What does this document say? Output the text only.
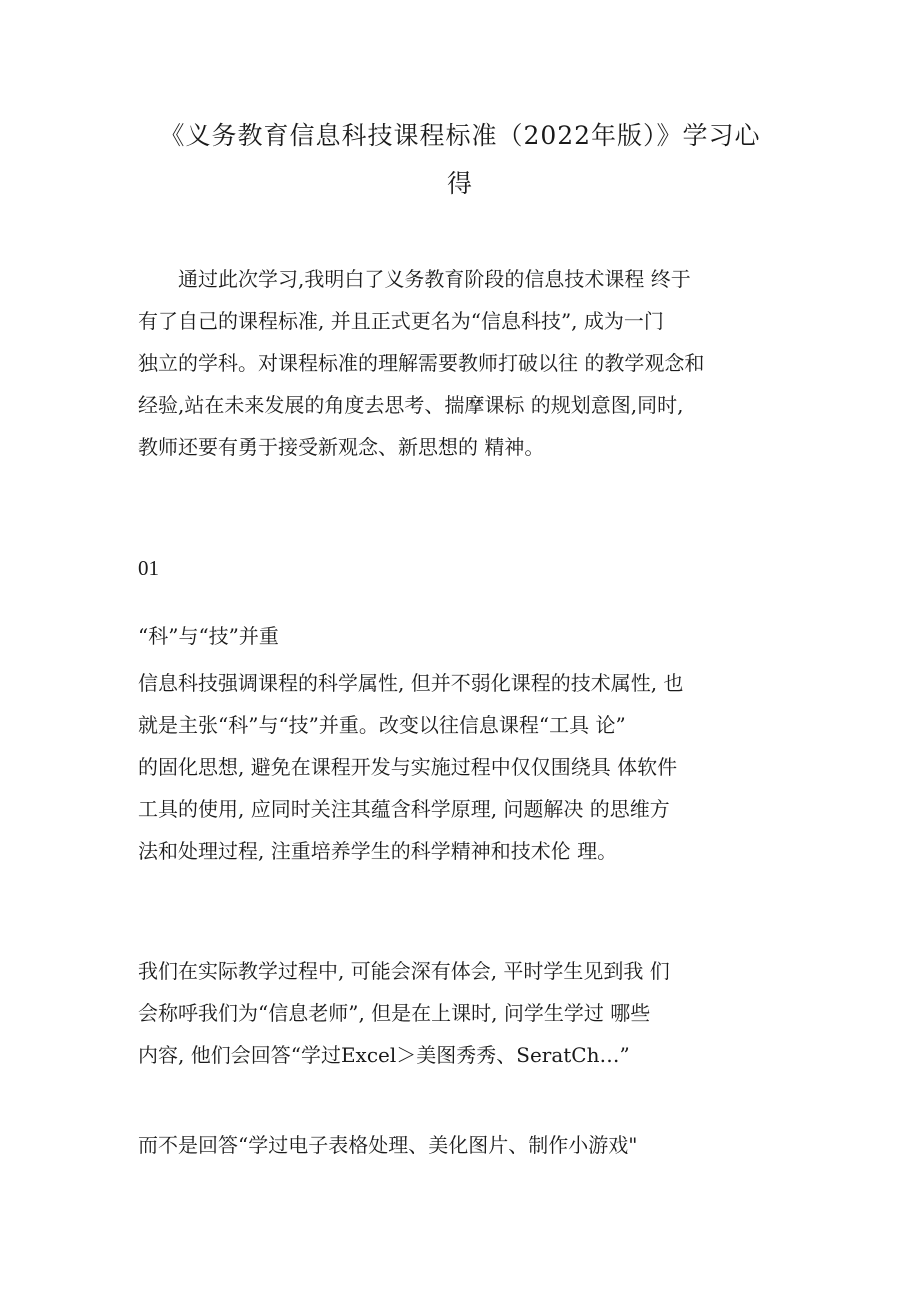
《义务教育信息科技课程标准（2022年版）》学习心
得
　　通过此次学习,我明白了义务教育阶段的信息技术课程 终于
有了自己的课程标准, 并且正式更名为“信息科技”, 成为一门
独立的学科。对课程标准的理解需要教师打破以往 的教学观念和
经验,站在未来发展的角度去思考、揣摩课标 的规划意图,同时,
教师还要有勇于接受新观念、新思想的 精神。
01
“科”与“技”并重
信息科技强调课程的科学属性, 但并不弱化课程的技术属性, 也
就是主张“科”与“技”并重。改变以往信息课程“工具 论”
的固化思想, 避免在课程开发与实施过程中仅仅围绕具 体软件
工具的使用, 应同时关注其蕴含科学原理, 问题解决 的思维方
法和处理过程, 注重培养学生的科学精神和技术伦 理。
我们在实际教学过程中, 可能会深有体会, 平时学生见到我 们
会称呼我们为“信息老师”, 但是在上课时, 问学生学过 哪些
内容, 他们会回答“学过Excel＞美图秀秀、SeratCh…”
而不是回答“学过电子表格处理、美化图片、制作小游戏"
